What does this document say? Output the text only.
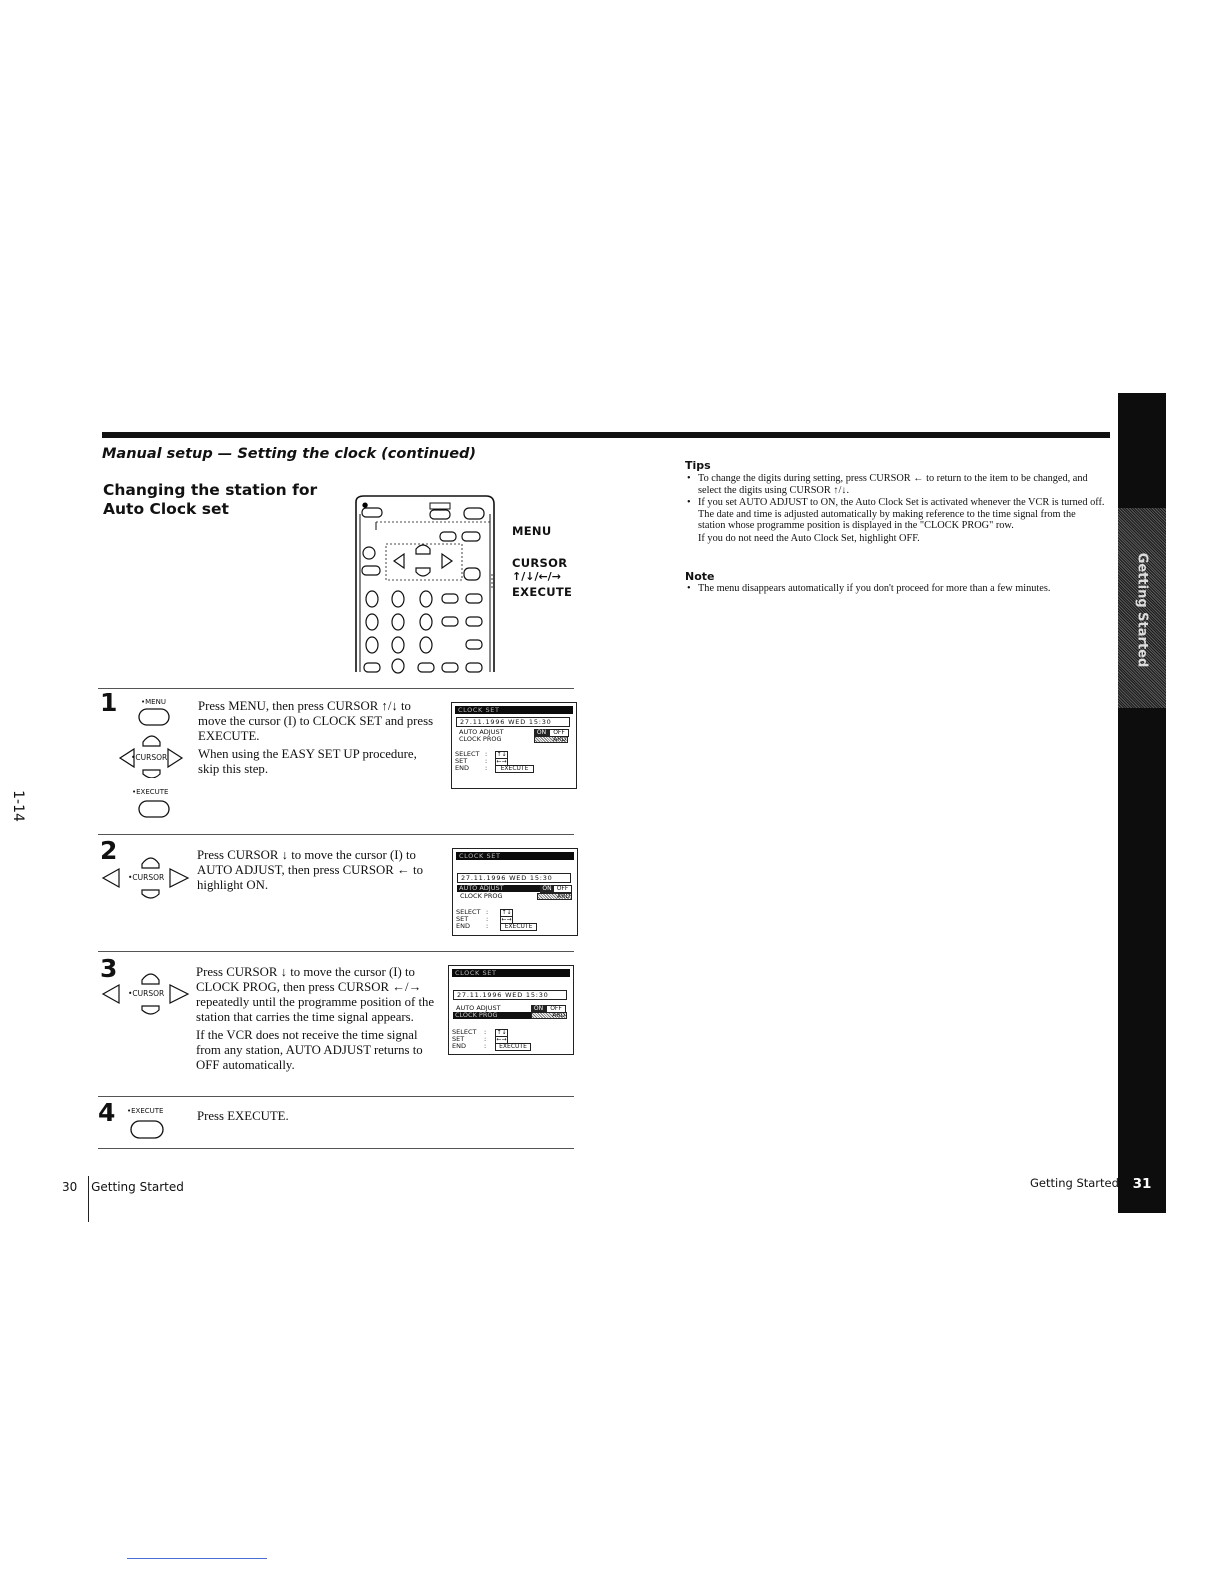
Manual setup — Setting the clock (continued)
Changing the station for
Auto Clock set	●
MENU
CURSOR
↑/↓/←/→
EXECUTE
1	•MENU
•CURSOR
•EXECUTE

Press MENU, then press CURSOR ↑/↓ to move the cursor (I) to CLOCK SET and press EXECUTE.

When using the EASY SET UP procedure, skip this step.

CLOCK SET
27.11.1996 WED 15:30
AUTO ADJUST
CLOCK PROG
ON	OFF
ARD
SELECT
SET
END
:
:
:
↑↓
←→
EXECUTE
2
•CURSOR

Press CURSOR ↓ to move the cursor (I) to AUTO ADJUST, then press CURSOR ← to highlight ON.

CLOCK SET
27.11.1996 WED 15:30
AUTO ADJUST	ON OFF
CLOCK PROG	ARD
SELECT
SET
END
:
:
:
↑↓
←→
EXECUTE
3
•CURSOR

Press CURSOR ↓ to move the cursor (I) to CLOCK PROG, then press CURSOR ←/→ repeatedly until the programme position of the station that carries the time signal appears.

If the VCR does not receive the time signal from any station, AUTO ADJUST returns to OFF automatically.

CLOCK SET
27.11.1996 WED 15:30
AUTO ADJUST	ON	OFF
CLOCK PROG	ARD
SELECT
SET
END
:
:
:
↑↓
←→
EXECUTE
4 •EXECUTE	Press EXECUTE.

Tips
• To change the digits during setting, press CURSOR ← to return to the item to be changed, and select the digits using CURSOR ↑/↓.
• If you set AUTO ADJUST to ON, the Auto Clock Set is activated whenever the VCR is turned off. The date and time is adjusted automatically by making reference to the time signal from the station whose programme position is displayed in the "CLOCK PROG" row.
If you do not need the Auto Clock Set, highlight OFF.
Note
• The menu disappears automatically if you don't proceed for more than a few minutes.	Getting Started
31
30 Getting Started	Getting Started
1-14
